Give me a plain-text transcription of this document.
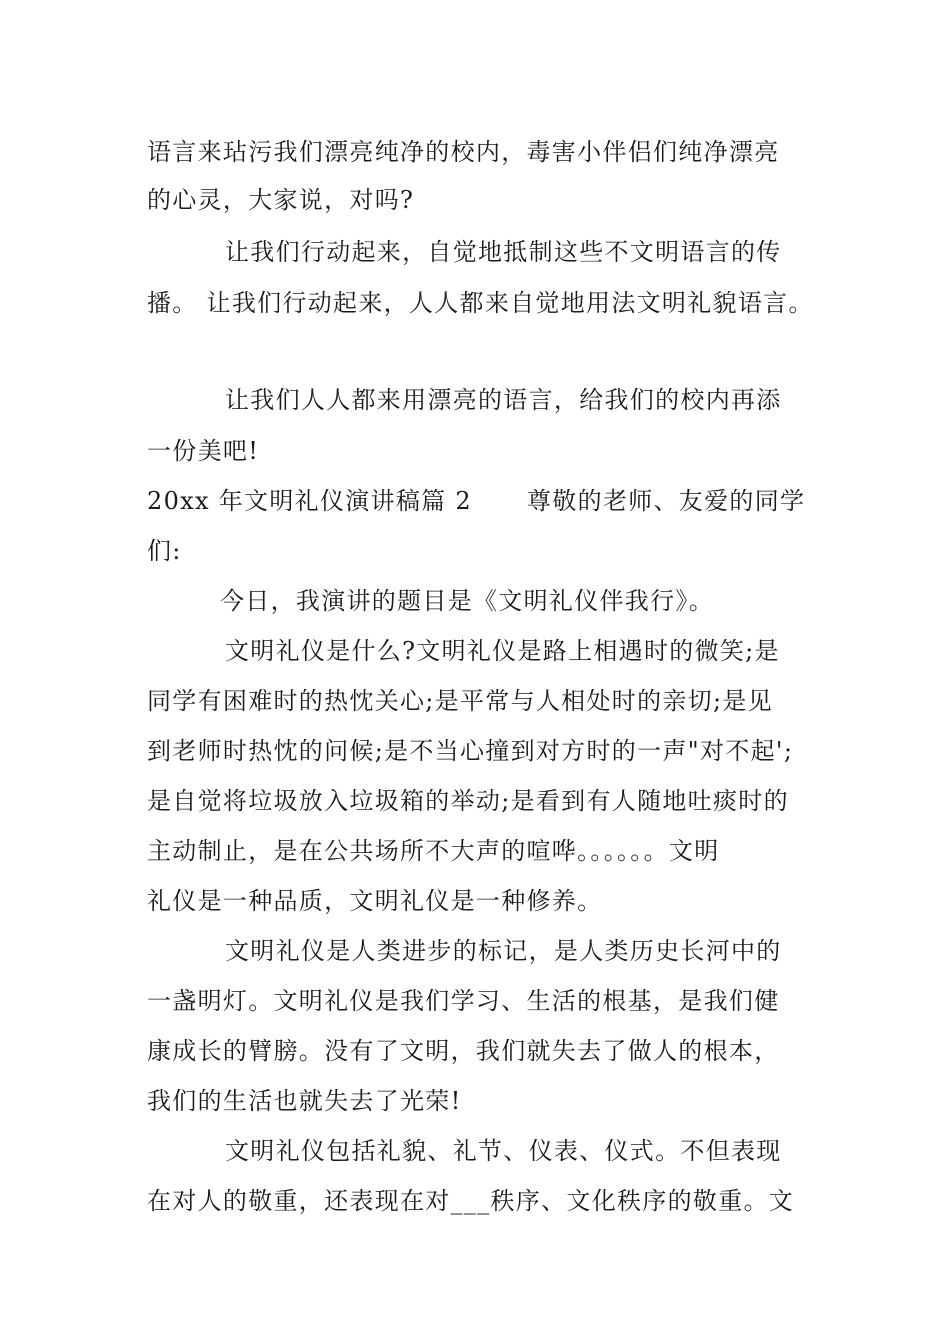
语言来玷污我们漂亮纯净的校内，毒害小伴侣们纯净漂亮
的心灵，大家说，对吗?
让我们行动起来，自觉地抵制这些不文明语言的传
播。 让我们行动起来，人人都来自觉地用法文明礼貌语言。
让我们人人都来用漂亮的语言，给我们的校内再添
一份美吧!
20xx 年文明礼仪演讲稿篇 2 尊敬的老师、友爱的同学
们:
今日，我演讲的题目是《文明礼仪伴我行》。
文明礼仪是什么?文明礼仪是路上相遇时的微笑;是
同学有困难时的热忱关心;是平常与人相处时的亲切;是见
到老师时热忱的问候;是不当心撞到对方时的一声"对不起';
是自觉将垃圾放入垃圾箱的举动;是看到有人随地吐痰时的
主动制止，是在公共场所不大声的喧哗。。。。。。文明
礼仪是一种品质，文明礼仪是一种修养。
文明礼仪是人类进步的标记，是人类历史长河中的
一盏明灯。文明礼仪是我们学习、生活的根基，是我们健
康成长的臂膀。没有了文明，我们就失去了做人的根本，
我们的生活也就失去了光荣!
文明礼仪包括礼貌、礼节、仪表、仪式。不但表现
在对人的敬重，还表现在对___秩序、文化秩序的敬重。文
